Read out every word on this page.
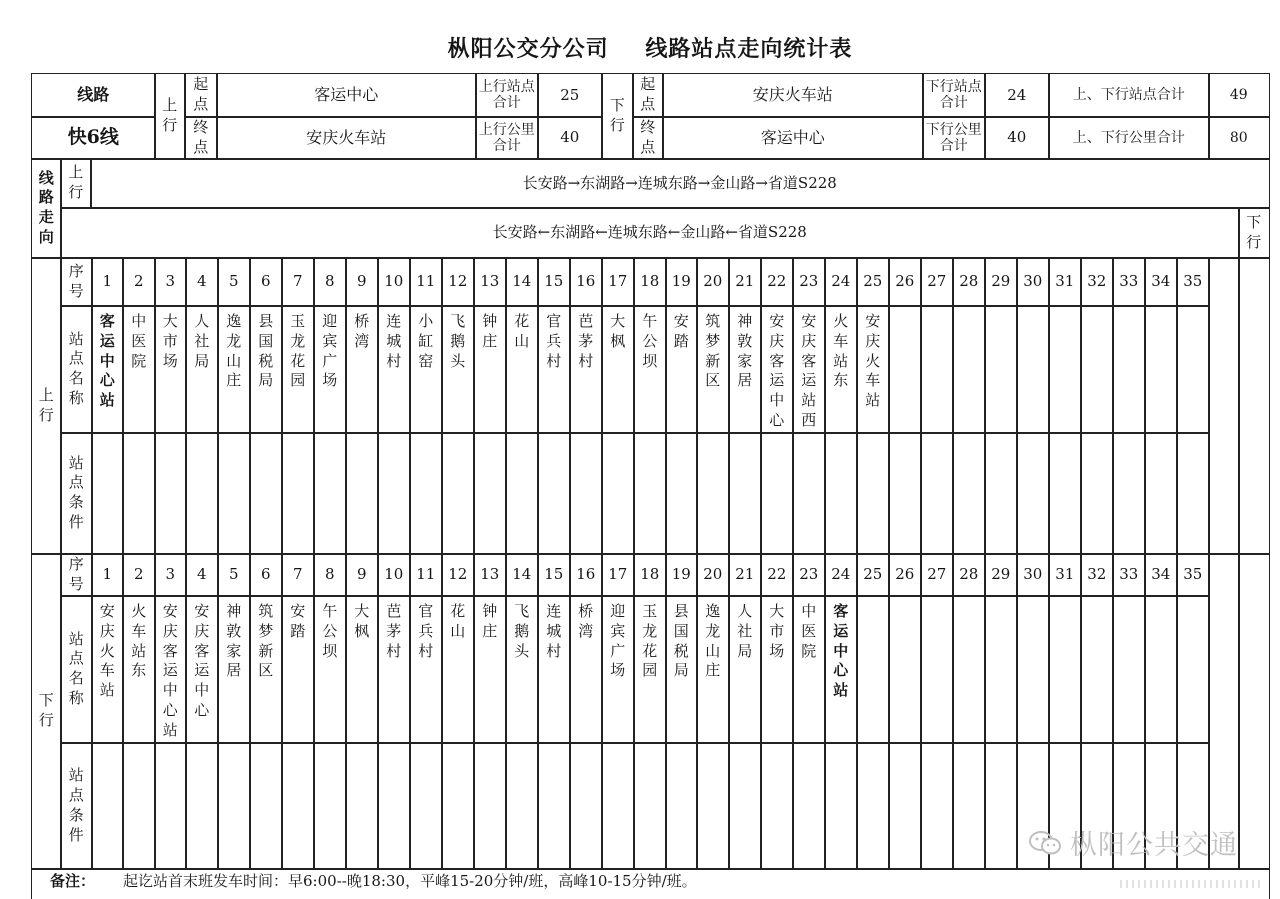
枞阳公交分公司 线路站点走向统计表
线路
快6线
上
行
起
点
终
点
客运中心
安庆火车站
上行站点合计
上行公里合计
25
40
下
行
起
点
终
点
安庆火车站
客运中心
下行站点合计
下行公里合计
24
40
上、下行站点合计
上、下行公里合计
49
80
线
路
走
向
上
行
长安路→东湖路→连城东路→金山路→省道S228
长安路←东湖路←连城东路←金山路←省道S228
下
行
上
行
序
号
站
点
名
称
站
点
条
件
1
客
运
中
心
站
2
中
医
院
3
大
市
场
4
人
社
局
5
逸
龙
山
庄
6
县
国
税
局
7
玉
龙
花
园
8
迎
宾
广
场
9
桥
湾
10
连
城
村
11
小
缸
窑
12
飞
鹅
头
13
钟
庄
14
花
山
15
官
兵
村
16
芭
茅
村
17
大
枫
18
午
公
坝
19
安
踏
20
筑
梦
新
区
21
神
敦
家
居
22
安
庆
客
运
中
心
23
安
庆
客
运
站
西
24
火
车
站
东
25
安
庆
火
车
站
26 27 28 29 30 31 32 33 34 35
下
行
序
号
站
点
名
称
站
点
条
件
1
安
庆
火
车
站
2
火
车
站
东
3
安
庆
客
运
中
心
站
4
安
庆
客
运
中
心
5
神
敦
家
居
6
筑
梦
新
区
7
安
踏
8
午
公
坝
9
大
枫
10
芭
茅
村
11
官
兵
村
12
花
山
13
钟
庄
14
飞
鹅
头
15
连
城
村
16
桥
湾
17
迎
宾
广
场
18
玉
龙
花
园
19
县
国
税
局
20
逸
龙
山
庄
21
人
社
局
22
大
市
场
23
中
医
院
24
客
运
中
心
站
25 26 27 28 29 30 31 32 33 34 35
备注： 起讫站首末班发车时间：早6:00--晚18:30，平峰15-20分钟/班，高峰10-15分钟/班。
枞阳公共交通
